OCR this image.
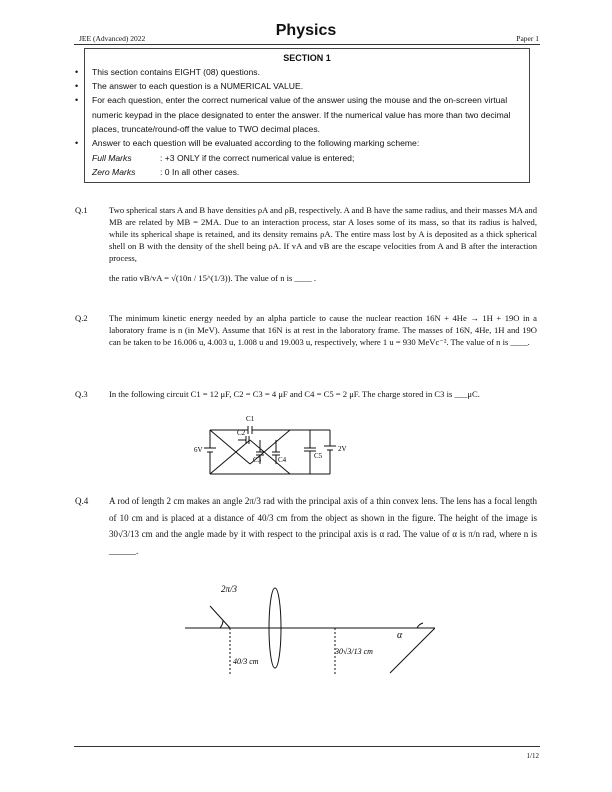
JEE (Advanced) 2022	Physics	Paper 1
SECTION 1
• This section contains EIGHT (08) questions.
• The answer to each question is a NUMERICAL VALUE.
• For each question, enter the correct numerical value of the answer using the mouse and the on-screen virtual numeric keypad in the place designated to enter the answer. If the numerical value has more than two decimal places, truncate/round-off the value to TWO decimal places.
• Answer to each question will be evaluated according to the following marking scheme:
Full Marks	: +3 ONLY if the correct numerical value is entered;
Zero Marks	: 0 In all other cases.
Q.1 Two spherical stars A and B have densities ρA and ρB, respectively. A and B have the same radius, and their masses MA and MB are related by MB = 2MA. Due to an interaction process, star A loses some of its mass, so that its radius is halved, while its spherical shape is retained, and its density remains ρA. The entire mass lost by A is deposited as a thick spherical shell on B with the density of the shell being ρA. If vA and vB are the escape velocities from A and B after the interaction process,
the ratio vB/vA = √(10n / 15^(1/3)). The value of n is ____ .
Q.2 The minimum kinetic energy needed by an alpha particle to cause the nuclear reaction 16N + 4He → 1H + 19O in a laboratory frame is n (in MeV). Assume that 16N is at rest in the laboratory frame. The masses of 16N, 4He, 1H and 19O can be taken to be 16.006 u, 4.003 u, 1.008 u and 19.003 u, respectively, where 1 u = 930 MeVc⁻². The value of n is ____.
Q.3 In the following circuit C1 = 12 μF, C2 = C3 = 4 μF and C4 = C5 = 2 μF. The charge stored in C3 is ___μC.
C1
C2
C3 C4	C5
6V	2V
Q.4 A rod of length 2 cm makes an angle 2π/3 rad with the principal axis of a thin convex lens. The lens has a focal length of 10 cm and is placed at a distance of 40/3 cm from the object as shown in the figure. The height of the image is 30√3/13 cm and the angle made by it with respect to the principal axis is α rad. The value of α is π/n rad, where n is ______.
2π/3
40/3 cm
30√3/13 cm
α
1/12
